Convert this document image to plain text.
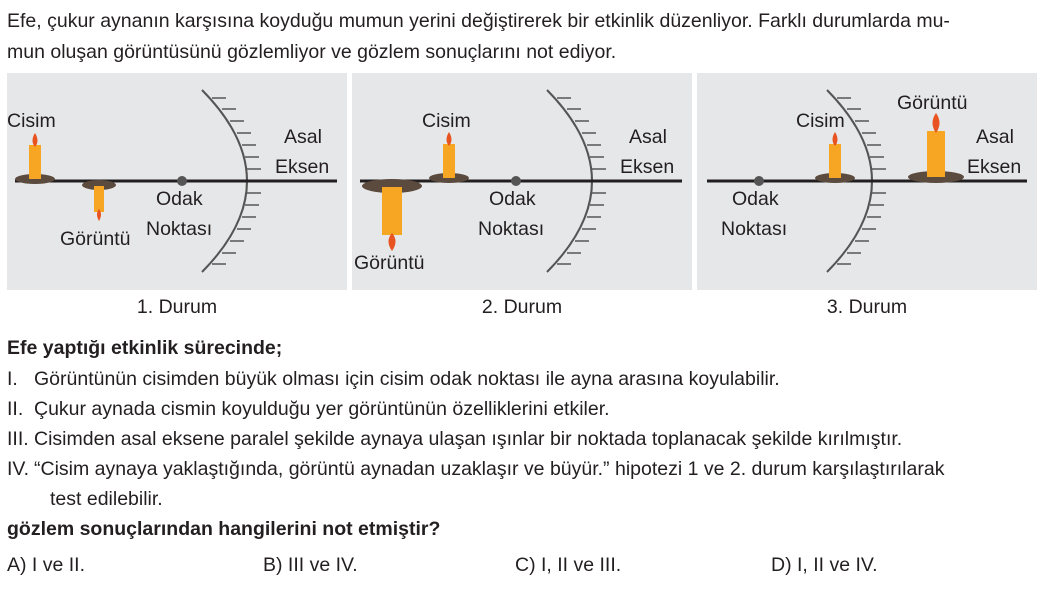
Efe, çukur aynanın karşısına koyduğu mumun yerini değiştirerek bir etkinlik düzenliyor. Farklı durumlarda mu-
mun oluşan görüntüsünü gözlemliyor ve gözlem sonuçlarını not ediyor.
Cisim
Görüntü
Odak
Noktası
Asal
Eksen
Cisim
Görüntü
Odak
Noktası
Asal
Eksen
Cisim
Görüntü
Odak
Noktası
Asal
Eksen
1. Durum	2. Durum	3. Durum
Efe yaptığı etkinlik sürecinde;
I. Görüntünün cisimden büyük olması için cisim odak noktası ile ayna arasına koyulabilir.
II. Çukur aynada cismin koyulduğu yer görüntünün özelliklerini etkiler.
III. Cisimden asal eksene paralel şekilde aynaya ulaşan ışınlar bir noktada toplanacak şekilde kırılmıştır.
IV. “Cisim aynaya yaklaştığında, görüntü aynadan uzaklaşır ve büyür.” hipotezi 1 ve 2. durum karşılaştırılarak
test edilebilir.
gözlem sonuçlarından hangilerini not etmiştir?
A) I ve II.	B) III ve IV.	C) I, II ve III.	D) I, II ve IV.
